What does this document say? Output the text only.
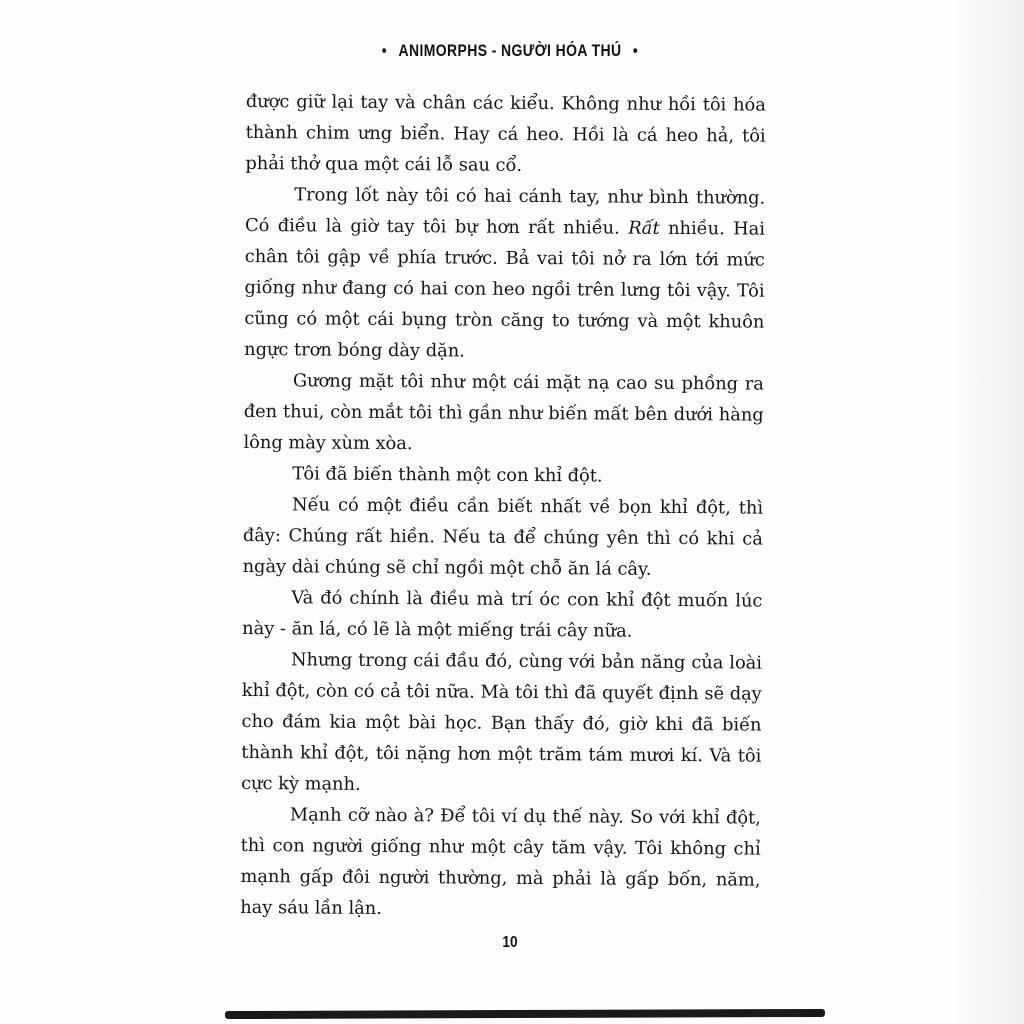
• ANIMORPHS - NGƯỜI HÓA THÚ •

được giữ lại tay và chân các kiểu. Không như hồi tôi hóa thành chim ưng biển. Hay cá heo. Hồi là cá heo hả, tôi phải thở qua một cái lỗ sau cổ.

Trong lốt này tôi có hai cánh tay, như bình thường. Có điều là giờ tay tôi bự hơn rất nhiều. Rất nhiều. Hai chân tôi gập về phía trước. Bả vai tôi nở ra lớn tới mức giống như đang có hai con heo ngồi trên lưng tôi vậy. Tôi cũng có một cái bụng tròn căng to tướng và một khuôn ngực trơn bóng dày dặn.

Gương mặt tôi như một cái mặt nạ cao su phồng ra đen thui, còn mắt tôi thì gần như biến mất bên dưới hàng lông mày xùm xòa.

Tôi đã biến thành một con khỉ đột.

Nếu có một điều cần biết nhất về bọn khỉ đột, thì đây: Chúng rất hiền. Nếu ta để chúng yên thì có khi cả ngày dài chúng sẽ chỉ ngồi một chỗ ăn lá cây.

Và đó chính là điều mà trí óc con khỉ đột muốn lúc này - ăn lá, có lẽ là một miếng trái cây nữa.

Nhưng trong cái đầu đó, cùng với bản năng của loài khỉ đột, còn có cả tôi nữa. Mà tôi thì đã quyết định sẽ dạy cho đám kia một bài học. Bạn thấy đó, giờ khi đã biến thành khỉ đột, tôi nặng hơn một trăm tám mươi kí. Và tôi cực kỳ mạnh.

Mạnh cỡ nào à? Để tôi ví dụ thế này. So với khỉ đột, thì con người giống như một cây tăm vậy. Tôi không chỉ mạnh gấp đôi người thường, mà phải là gấp bốn, năm, hay sáu lần lận.

10
